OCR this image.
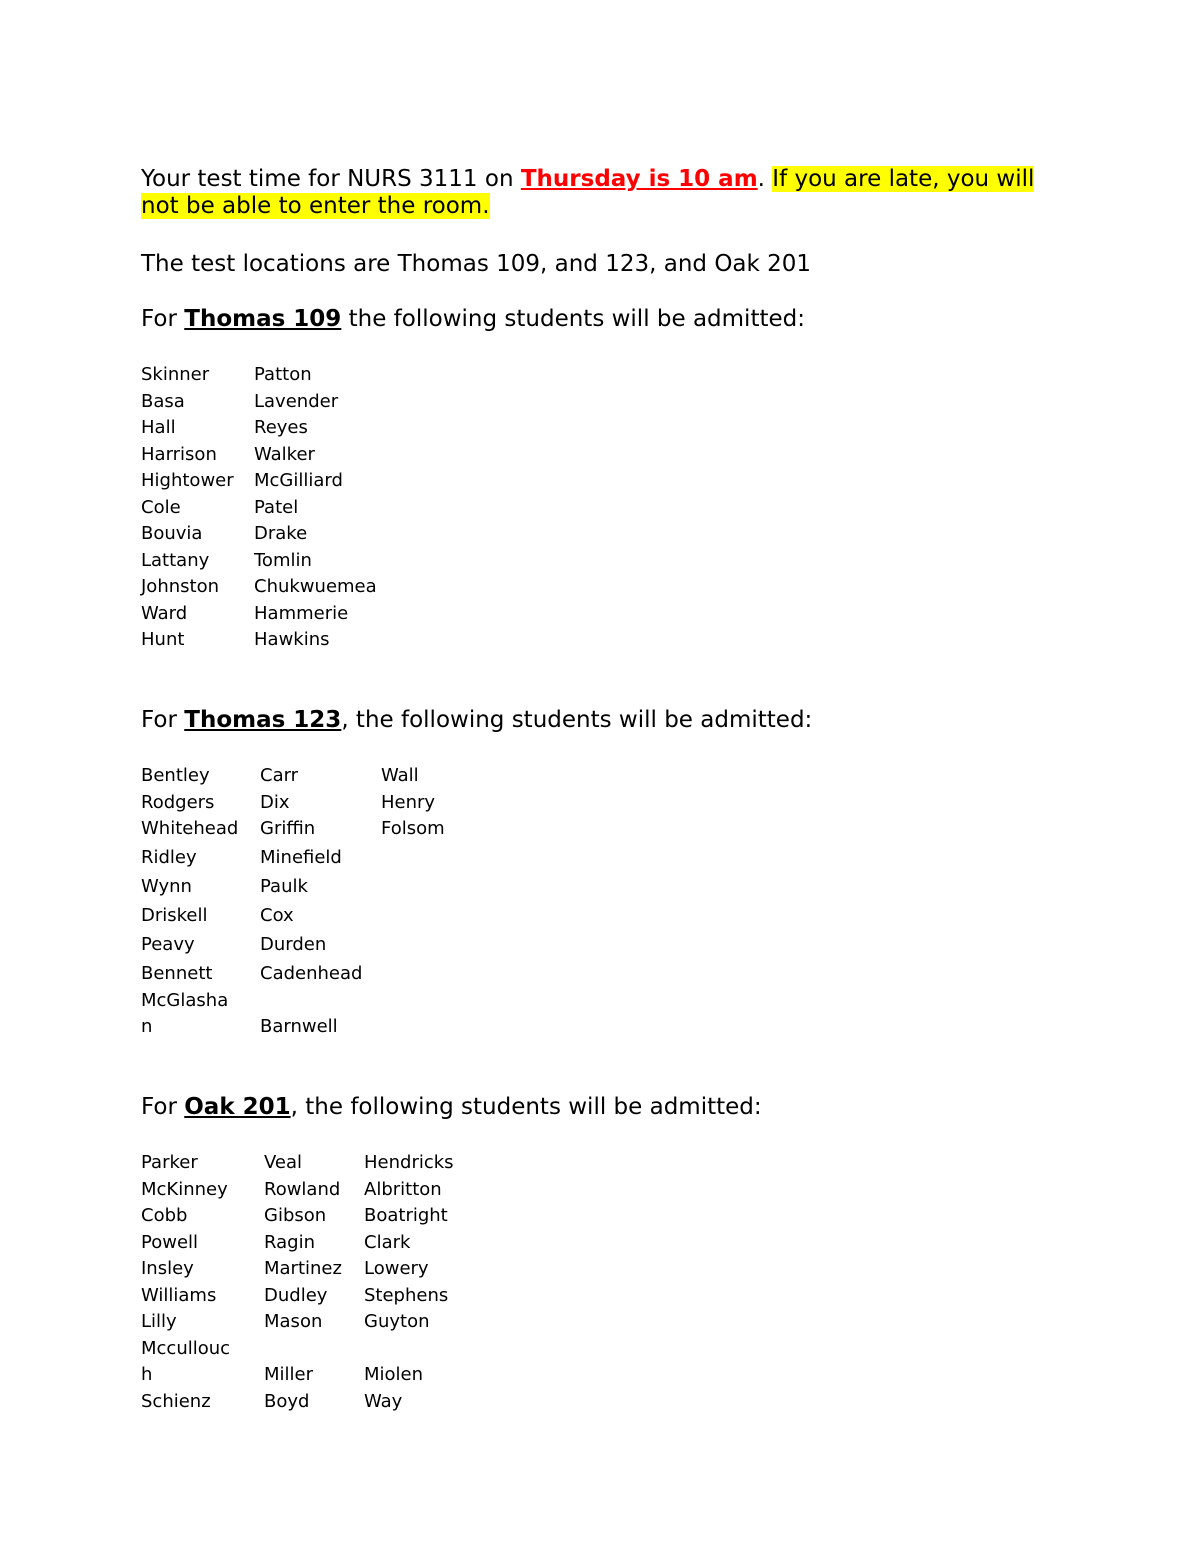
Your test time for NURS 3111 on Thursday is 10 am. If you are late, you will not be able to enter the room.

The test locations are Thomas 109, and 123, and Oak 201

For Thomas 109 the following students will be admitted:

Skinner
Basa
Hall
Harrison
Hightower
Cole
Bouvia
Lattany
Johnston
Ward
Hunt
Patton
Lavender
Reyes
Walker
McGilliard
Patel
Drake
Tomlin
Chukwuemea
Hammerie
Hawkins

For Thomas 123, the following students will be admitted:

Bentley
Rodgers
Whitehead
Ridley
Wynn
Driskell
Peavy
Bennett
McGlasha
n
Carr
Dix
Griffin
Minefield
Paulk
Cox
Durden
Cadenhead
Barnwell
Wall
Henry
Folsom

For Oak 201, the following students will be admitted:

Parker
McKinney
Cobb
Powell
Insley
Williams
Lilly
Mccullouc
h
Schienz
Veal
Rowland
Gibson
Ragin
Martinez
Dudley
Mason
Miller
Boyd
Hendricks
Albritton
Boatright
Clark
Lowery
Stephens
Guyton
Miolen
Way
